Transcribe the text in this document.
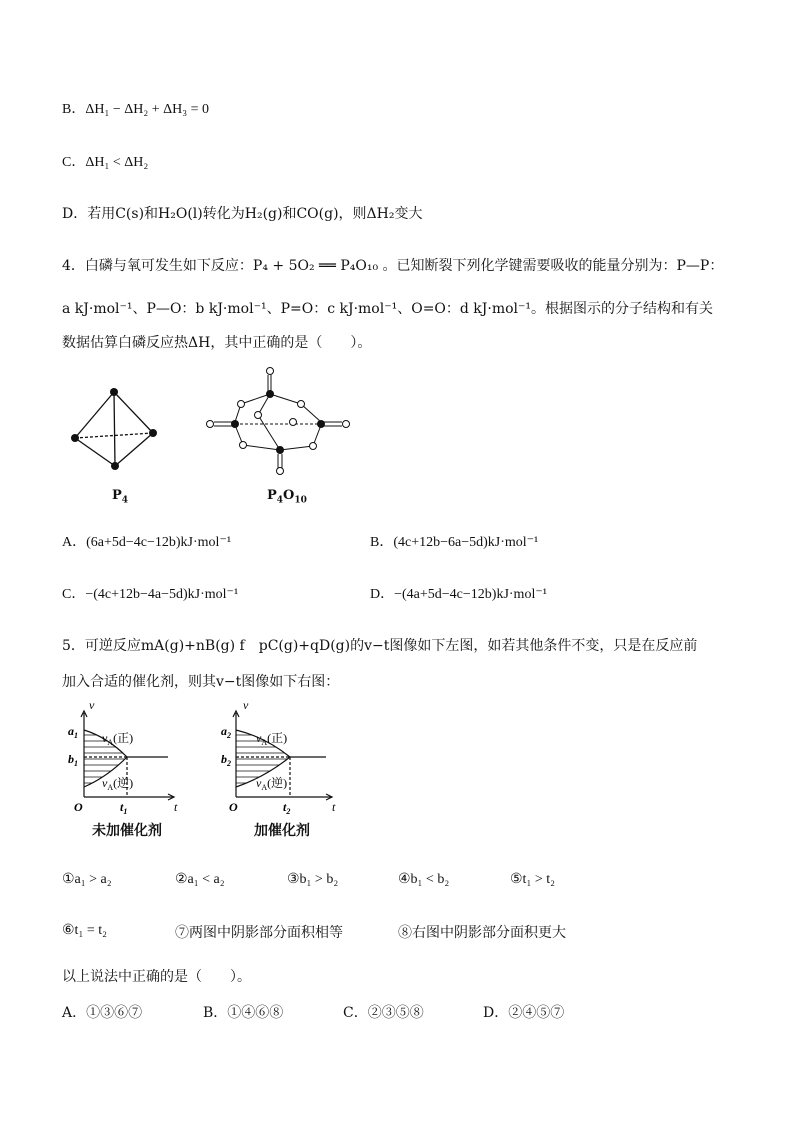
B．ΔH₁ − ΔH₂ + ΔH₃ = 0
C．ΔH₁ < ΔH₂
D．若用C(s)和H₂O(l)转化为H₂(g)和CO(g)，则ΔH₂变大
4．白磷与氧可发生如下反应：P₄ + 5O₂ ══ P₄O₁₀ 。已知断裂下列化学键需要吸收的能量分别为：P—P：
a kJ·mol⁻¹、P—O：b kJ·mol⁻¹、P=O：c kJ·mol⁻¹、O=O：d kJ·mol⁻¹。根据图示的分子结构和有关
数据估算白磷反应热ΔH，其中正确的是（　　）。
$P_4$	$P_4O_{10}$
A．(6a+5d−4c−12b)kJ·mol⁻¹	B．(4c+12b−6a−5d)kJ·mol⁻¹
C．−(4c+12b−4a−5d)kJ·mol⁻¹	D．−(4a+5d−4c−12b)kJ·mol⁻¹
5．可逆反应mA(g)+nB(g) f　pC(g)+qD(g)的v−t图像如下左图，如若其他条件不变，只是在反应前
加入合适的催化剂，则其v−t图像如下右图：
v
t
O
$a_1$
$b_1$
$t_1$
$v_A$(正)
$v_A$(逆)
未加催化剂
v
t
O
$a_2$
$b_2$
$t_2$
$v_A$(正)
$v_A$(逆)
加催化剂
①a₁ > a₂	②a₁ < a₂	③b₁ > b₂	④b₁ < b₂	⑤t₁ > t₂
⑥t₁ = t₂	⑦两图中阴影部分面积相等	⑧右图中阴影部分面积更大
以上说法中正确的是（　　）。
A．①③⑥⑦	B．①④⑥⑧	C．②③⑤⑧	D．②④⑤⑦
